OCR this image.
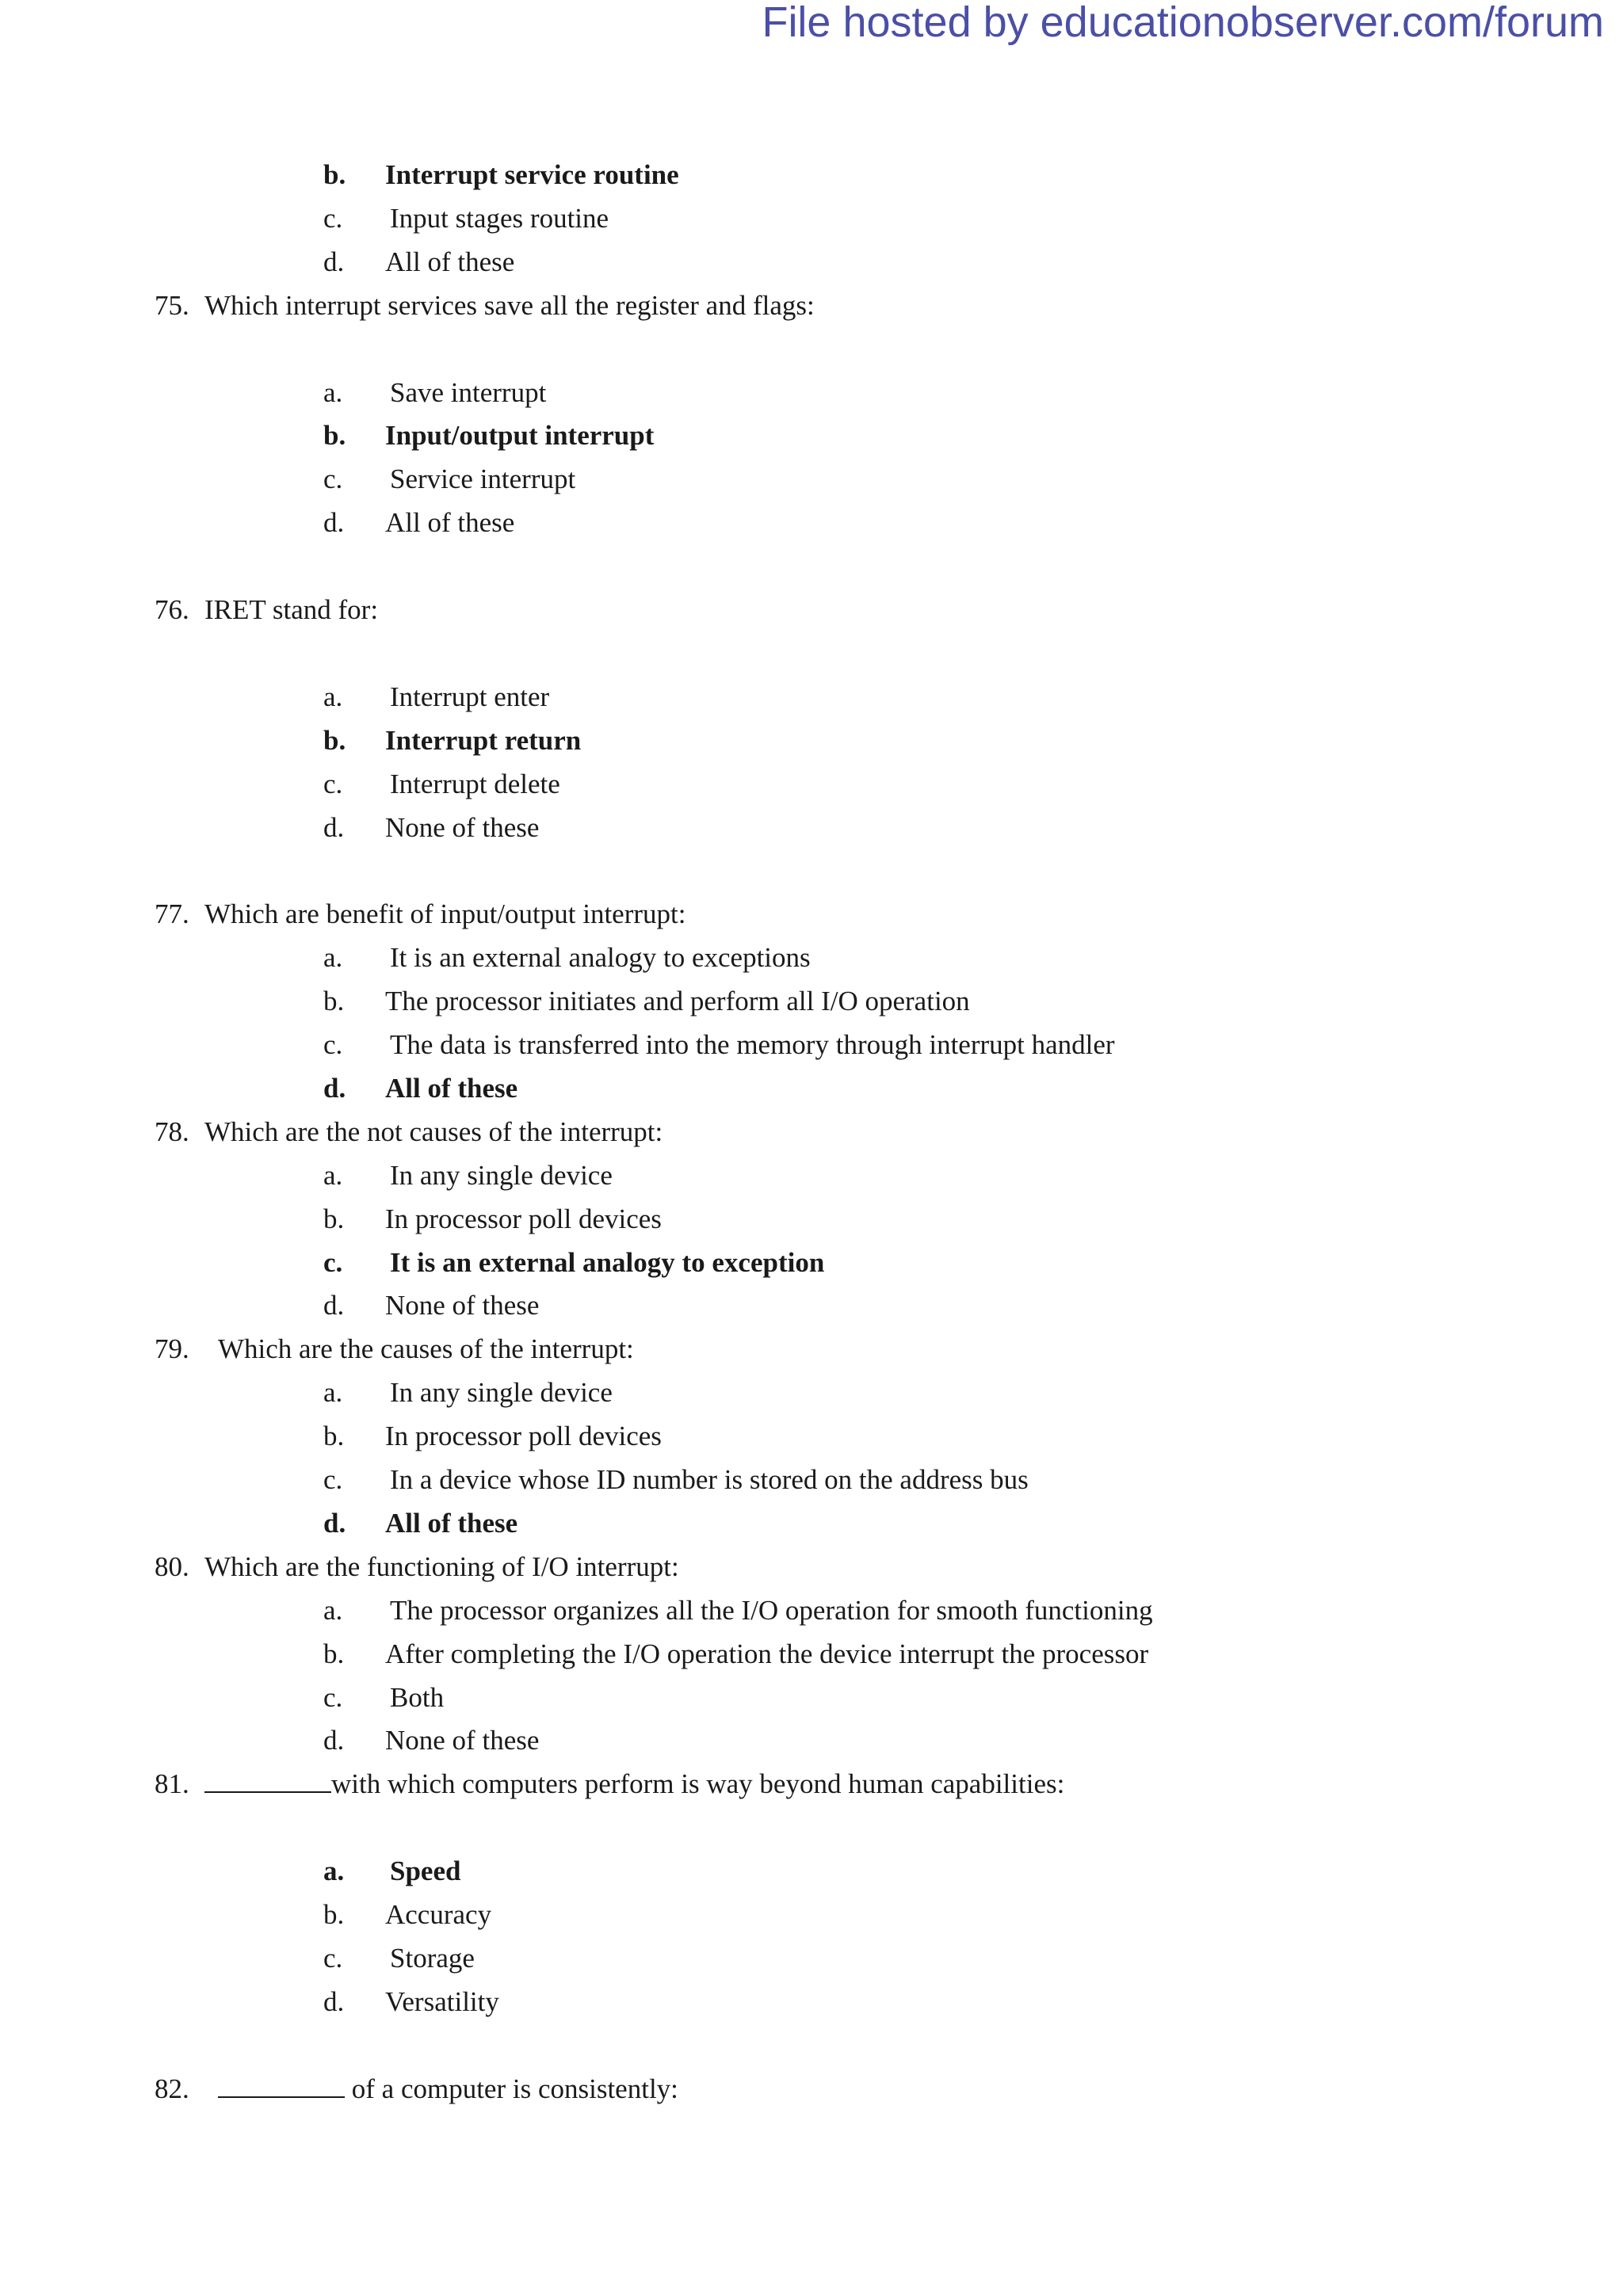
File hosted by educationobserver.com/forum
b. Interrupt service routine
c. Input stages routine
d. All of these
75. Which interrupt services save all the register and flags:
a. Save interrupt
b. Input/output interrupt
c. Service interrupt
d. All of these
76. IRET stand for:
a. Interrupt enter
b. Interrupt return
c. Interrupt delete
d. None of these
77. Which are benefit of input/output interrupt:
a. It is an external analogy to exceptions
b. The processor initiates and perform all I/O operation
c. The data is transferred into the memory through interrupt handler
d. All of these
78. Which are the not causes of the interrupt:
a. In any single device
b. In processor poll devices
c. It is an external analogy to exception
d. None of these
79. Which are the causes of the interrupt:
a. In any single device
b. In processor poll devices
c. In a device whose ID number is stored on the address bus
d. All of these
80. Which are the functioning of I/O interrupt:
a. The processor organizes all the I/O operation for smooth functioning
b. After completing the I/O operation the device interrupt the processor
c. Both
d. None of these
81.	with which computers perform is way beyond human capabilities:
a. Speed
b. Accuracy
c. Storage
d. Versatility
82.	of a computer is consistently:
